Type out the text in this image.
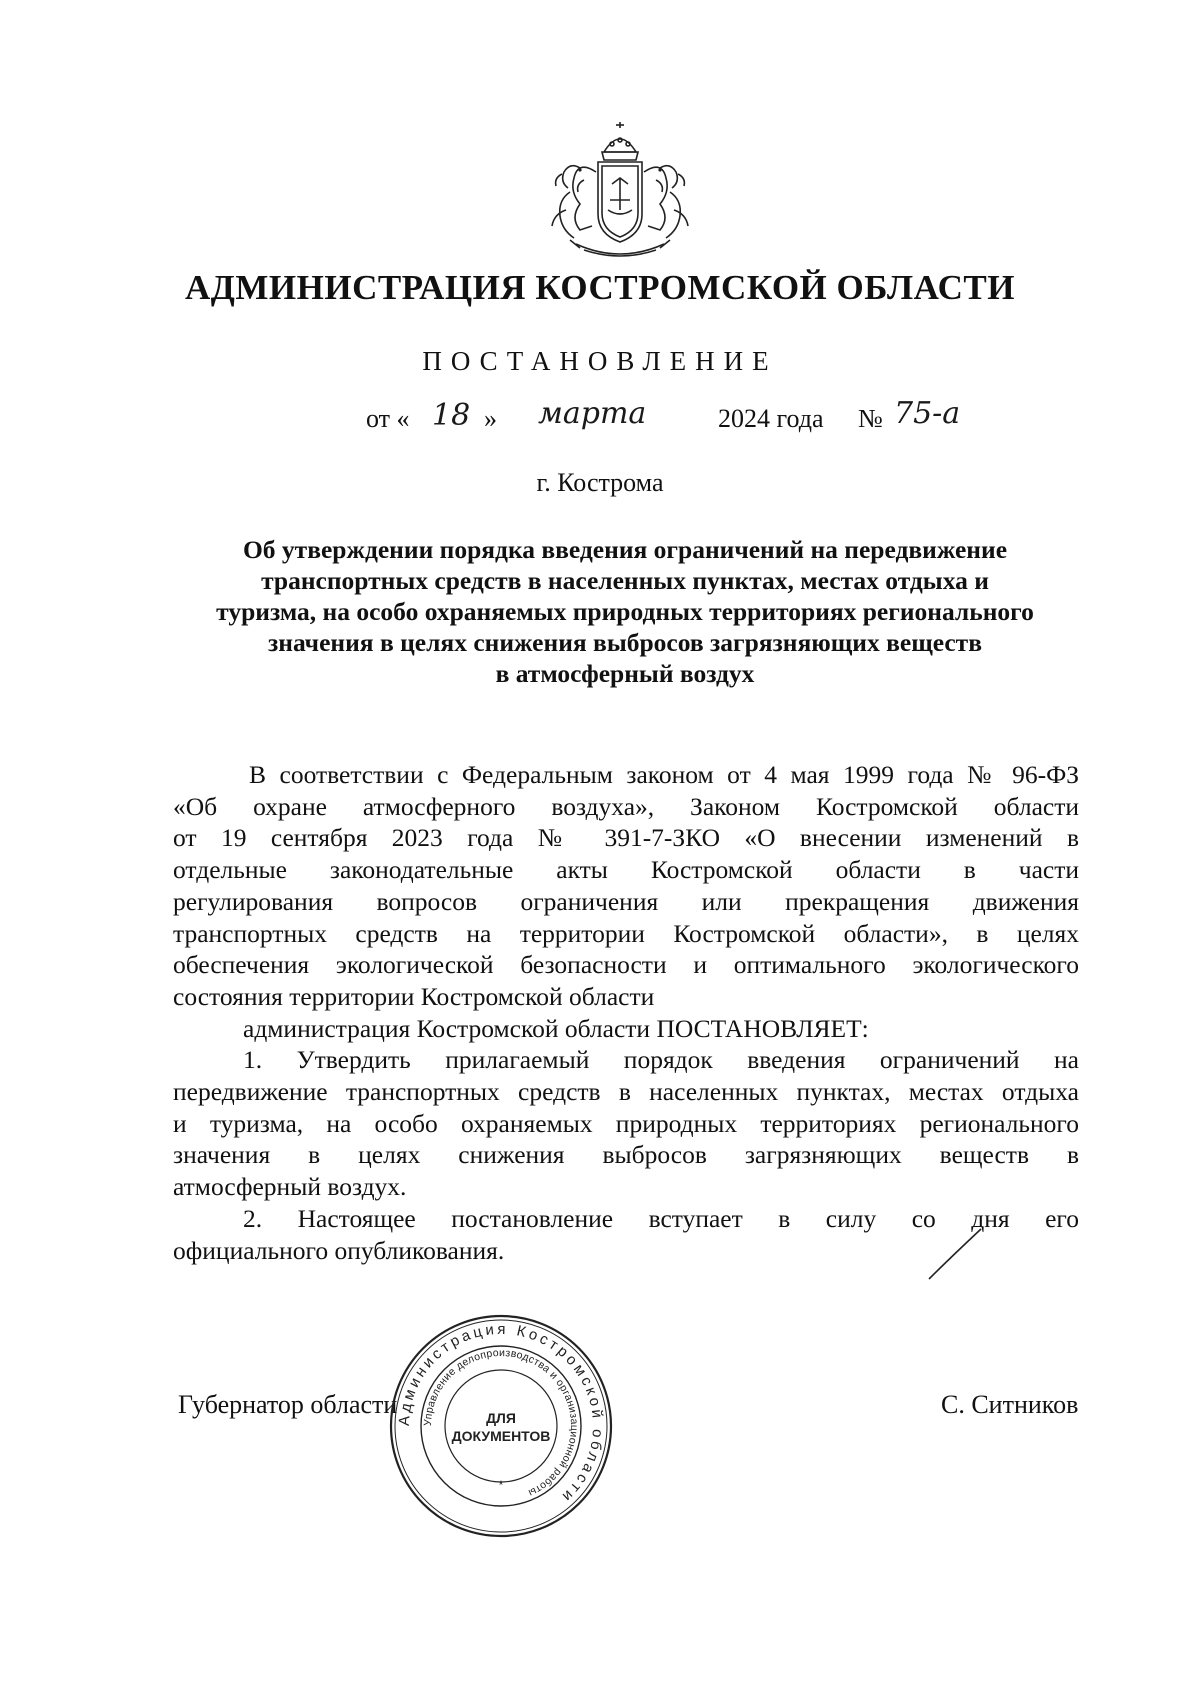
АДМИНИСТРАЦИЯ КОСТРОМСКОЙ ОБЛАСТИ
ПОСТАНОВЛЕНИЕ
от « 18 » марта	2024 года № 75-а
г. Кострома
Об утверждении порядка введения ограничений на передвижение
транспортных средств в населенных пунктах, местах отдыха и
туризма, на особо охраняемых природных территориях регионального
значения в целях снижения выбросов загрязняющих веществ
в атмосферный воздух
В соответствии с Федеральным законом от 4 мая 1999 года № 96-ФЗ
«Об охране атмосферного воздуха», Законом Костромской области
от 19 сентября 2023 года № 391-7-ЗКО «О внесении изменений в
отдельные законодательные акты Костромской области в части
регулирования вопросов ограничения или прекращения движения
транспортных средств на территории Костромской области», в целях
обеспечения экологической безопасности и оптимального экологического
состояния территории Костромской области
администрация Костромской области ПОСТАНОВЛЯЕТ:
1. Утвердить прилагаемый порядок введения ограничений на
передвижение транспортных средств в населенных пунктах, местах отдыха
и туризма, на особо охраняемых природных территориях регионального
значения в целях снижения выбросов загрязняющих веществ в
атмосферный воздух.
2. Настоящее постановление вступает в силу со дня его
официального опубликования.
Губернатор области	С. Ситников
Администрация Костромской области
Управление делопроизводства и организационной работы
ДЛЯ
ДОКУМЕНТОВ
*
